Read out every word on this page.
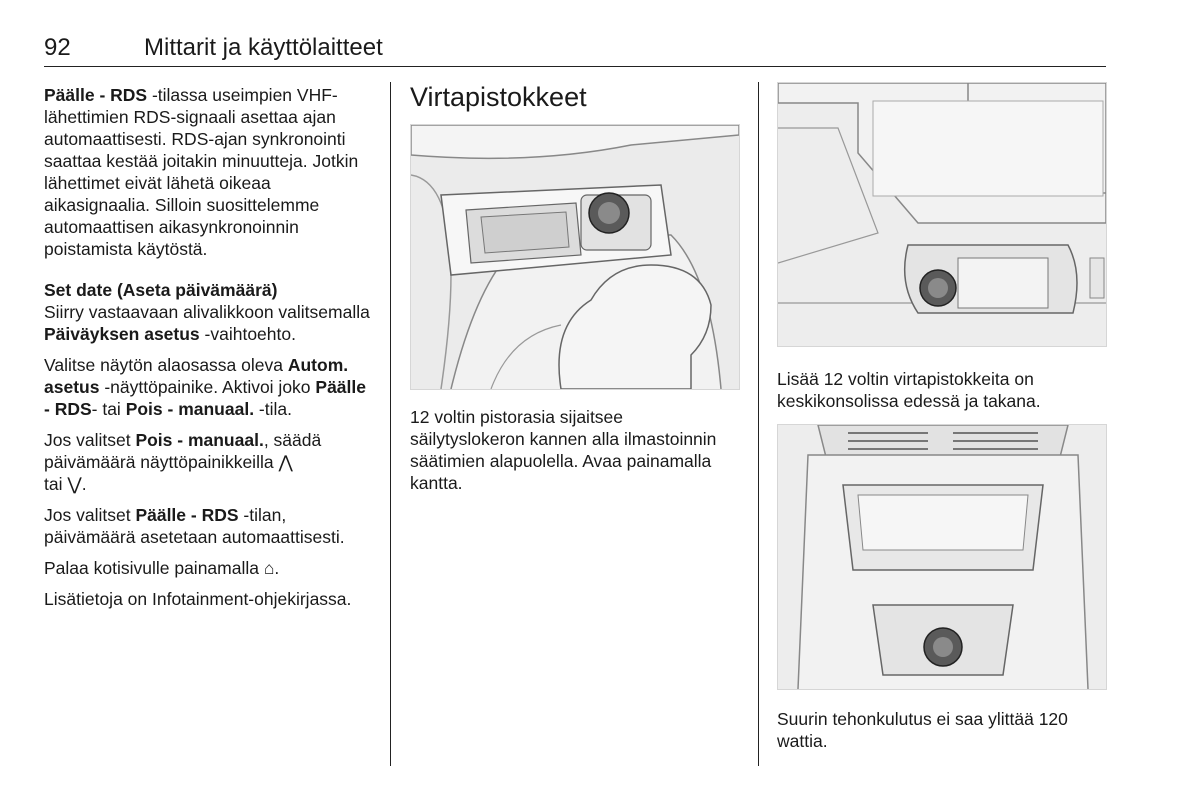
92	Mittarit ja käyttölaitteet

Päälle - RDS -tilassa useimpien VHF-lähettimien RDS-signaali asettaa ajan automaattisesti. RDS-ajan synkronointi saattaa kestää joitakin minuutteja. Jotkin lähettimet eivät lähetä oikeaa aikasignaalia. Silloin suosittelemme automaattisen aikasynkronoinnin poistamista käytöstä.

Set date (Aseta päivämäärä)

Siirry vastaavaan alivalikkoon valitsemalla Päiväyksen asetus -vaihtoehto.

Valitse näytön alaosassa oleva Autom. asetus -näyttöpainike. Aktivoi joko Päälle - RDS- tai Pois - manuaal. -tila.

Jos valitset Pois - manuaal., säädä päivämäärä näyttöpainikkeilla ⋀
tai ⋁.

Jos valitset Päälle - RDS -tilan, päivämäärä asetetaan automaattisesti.

Palaa kotisivulle painamalla ⌂.

Lisätietoja on Infotainment-ohjekirjassa.

Virtapistokkeet
12 voltin pistorasia sijaitsee säilytyslokeron kannen alla ilmastoinnin säätimien alapuolella. Avaa painamalla kantta.
Lisää 12 voltin virtapistokkeita on keskikonsolissa edessä ja takana.
Suurin tehonkulutus ei saa ylittää 120 wattia.
